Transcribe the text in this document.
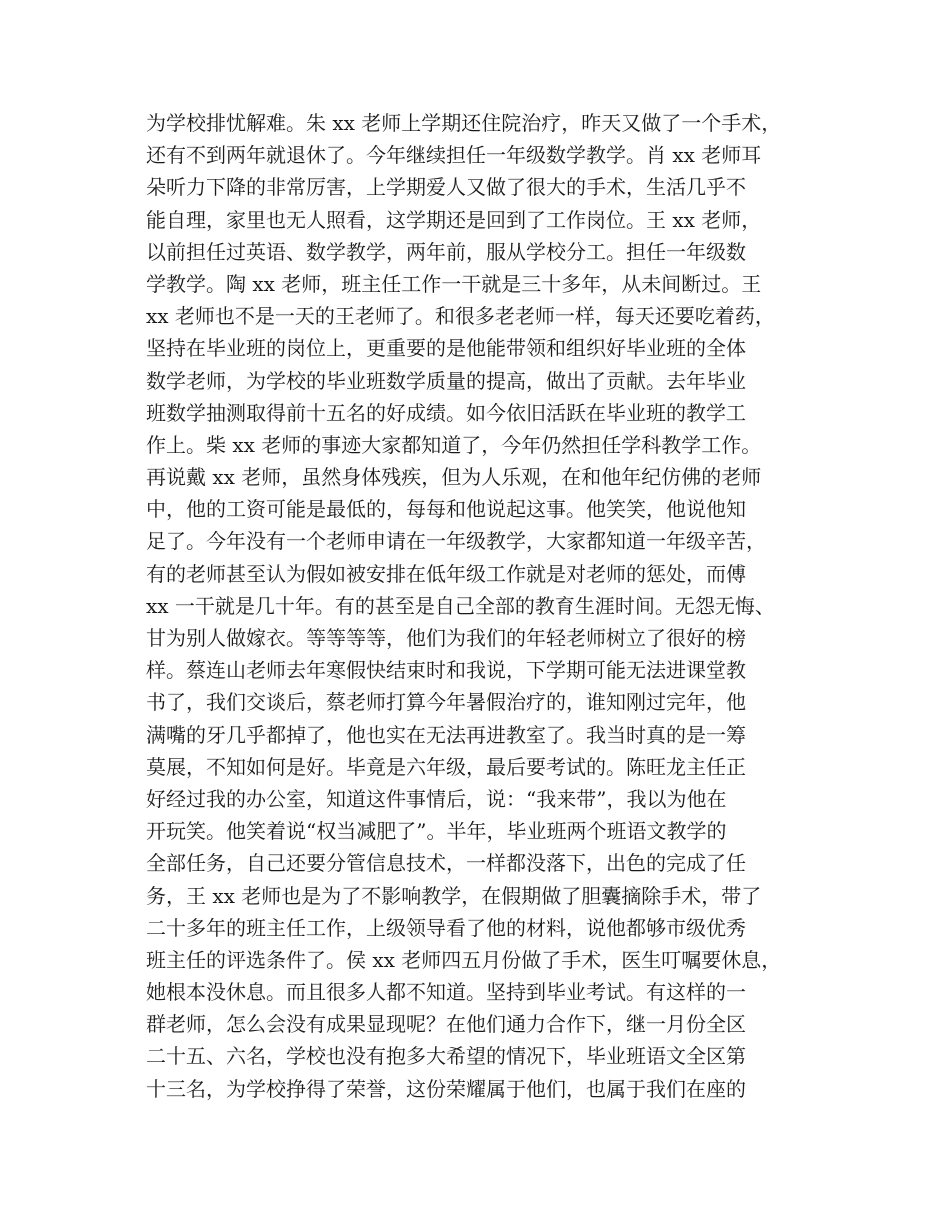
为学校排忧解难。朱 xx 老师上学期还住院治疗，昨天又做了一个手术，
还有不到两年就退休了。今年继续担任一年级数学教学。肖 xx 老师耳
朵听力下降的非常厉害，上学期爱人又做了很大的手术，生活几乎不
能自理，家里也无人照看，这学期还是回到了工作岗位。王 xx 老师，
以前担任过英语、数学教学，两年前，服从学校分工。担任一年级数
学教学。陶 xx 老师，班主任工作一干就是三十多年，从未间断过。王
xx 老师也不是一天的王老师了。和很多老老师一样，每天还要吃着药，
坚持在毕业班的岗位上，更重要的是他能带领和组织好毕业班的全体
数学老师，为学校的毕业班数学质量的提高，做出了贡献。去年毕业
班数学抽测取得前十五名的好成绩。如今依旧活跃在毕业班的教学工
作上。柴 xx 老师的事迹大家都知道了，今年仍然担任学科教学工作。
再说戴 xx 老师，虽然身体残疾，但为人乐观，在和他年纪仿佛的老师
中，他的工资可能是最低的，每每和他说起这事。他笑笑，他说他知
足了。今年没有一个老师申请在一年级教学，大家都知道一年级辛苦，
有的老师甚至认为假如被安排在低年级工作就是对老师的惩处，而傅
xx 一干就是几十年。有的甚至是自己全部的教育生涯时间。无怨无悔、
甘为别人做嫁衣。等等等等，他们为我们的年轻老师树立了很好的榜
样。蔡连山老师去年寒假快结束时和我说，下学期可能无法进课堂教
书了，我们交谈后，蔡老师打算今年暑假治疗的，谁知刚过完年，他
满嘴的牙几乎都掉了，他也实在无法再进教室了。我当时真的是一筹
莫展，不知如何是好。毕竟是六年级，最后要考试的。陈旺龙主任正
好经过我的办公室，知道这件事情后，说：“我来带”，我以为他在
开玩笑。他笑着说“权当减肥了”。半年，毕业班两个班语文教学的
全部任务，自己还要分管信息技术，一样都没落下，出色的完成了任
务，王 xx 老师也是为了不影响教学，在假期做了胆囊摘除手术，带了
二十多年的班主任工作，上级领导看了他的材料，说他都够市级优秀
班主任的评选条件了。侯 xx 老师四五月份做了手术，医生叮嘱要休息，
她根本没休息。而且很多人都不知道。坚持到毕业考试。有这样的一
群老师，怎么会没有成果显现呢？在他们通力合作下，继一月份全区
二十五、六名，学校也没有抱多大希望的情况下，毕业班语文全区第
十三名，为学校挣得了荣誉，这份荣耀属于他们，也属于我们在座的
